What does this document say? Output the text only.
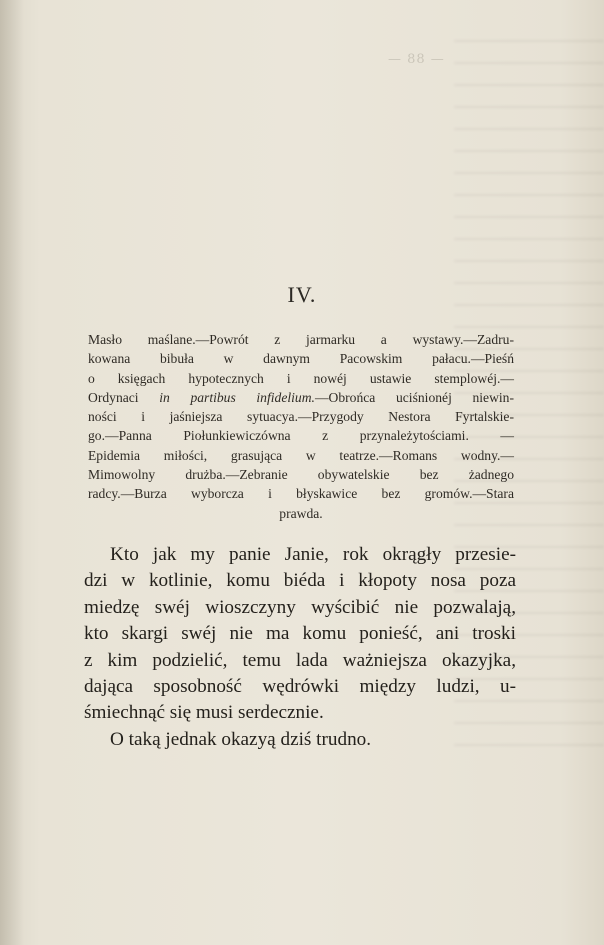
— 88 —
IV.
Masło maślane.—Powrót z jarmarku a wystawy.—Zadru-
kowana bibuła w dawnym Pacowskim pałacu.—Pieśń
o księgach hypotecznych i nowéj ustawie stemplowéj.—
Ordynaci in partibus infidelium.—Obrońca uciśnionéj niewin-
ności i jaśniejsza sytuacya.—Przygody Nestora Fyrtalskie-
go.—Panna Piołunkiewiczówna z przynależytościami. —
Epidemia miłości, grasująca w teatrze.—Romans wodny.—
Mimowolny drużba.—Zebranie obywatelskie bez żadnego
radcy.—Burza wyborcza i błyskawice bez gromów.—Stara
prawda.
Kto jak my panie Janie, rok okrągły przesie-
dzi w kotlinie, komu biéda i kłopoty nosa poza
miedzę swéj wioszczyny wyścibić nie pozwalają,
kto skargi swéj nie ma komu ponieść, ani troski
z kim podzielić, temu lada ważniejsza okazyjka,
dająca sposobność wędrówki między ludzi, u-
śmiechnąć się musi serdecznie.
O taką jednak okazyą dziś trudno.
